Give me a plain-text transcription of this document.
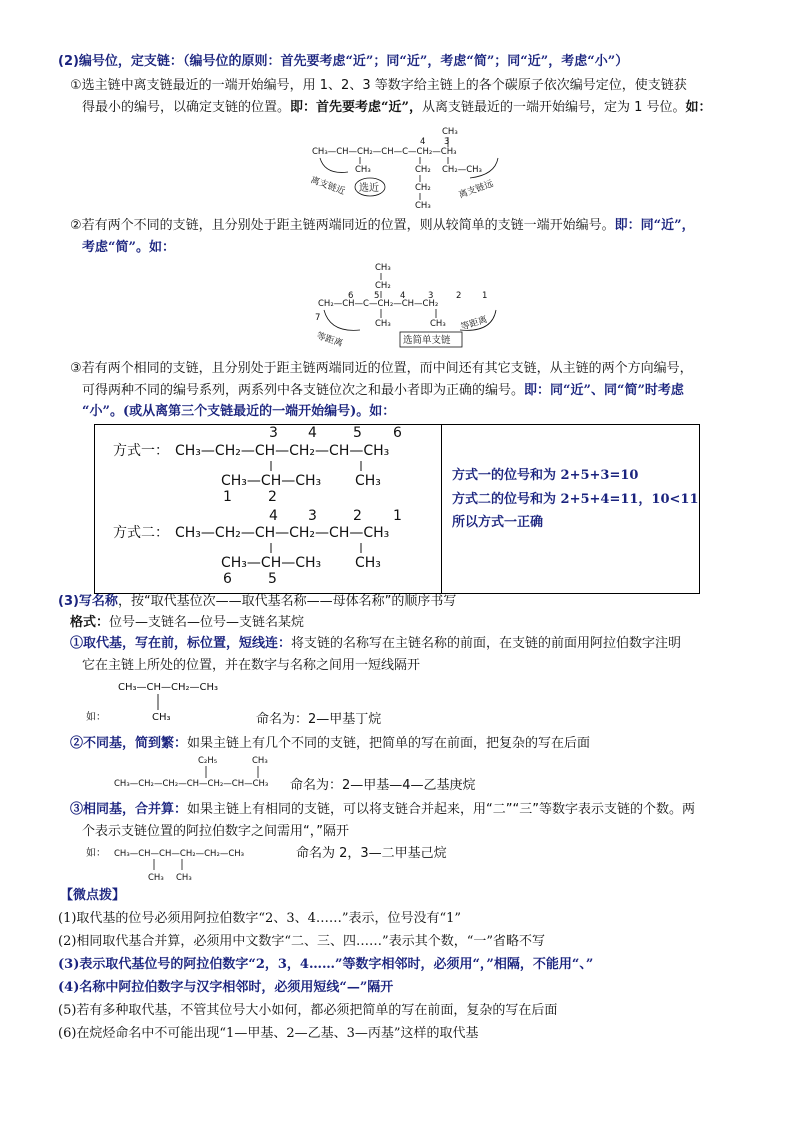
(2)编号位，定支链：（编号位的原则：首先要考虑“近”；同“近”，考虑“简”；同“近”，考虑“小”）
①选主链中离支链最近的一端开始编号，用 1、2、3 等数字给主链上的各个碳原子依次编号定位，使支链获
得最小的编号，以确定支链的位置。即：首先要考虑“近”，从离支链最近的一端开始编号，定为 1 号位。如：
CH₃—CH—CH₂—CH—C—CH₂—CH₃
CH₃
4 3
CH₃	CH₂ CH₂—CH₃
CH₂
CH₃
离支链近	离支链远
选近
②若有两个不同的支链，且分别处于距主链两端同近的位置，则从较简单的支链一端开始编号。即：同“近”，
考虑“简”。如：
CH₃
CH₂
CH₂—CH—C—CH₂—CH—CH₂
7
6 5 4	3	2 1
CH₃	CH₃
等距离
等距离
选简单支链
③若有两个相同的支链，且分别处于距主链两端同近的位置，而中间还有其它支链，从主链的两个方向编号，
可得两种不同的编号系列，两系列中各支链位次之和最小者即为正确的编号。即：同“近”、同“简”时考虑
“小”。(或从离第三个支链最近的一端开始编号)。如：
方式一： CH₃—CH₂—CH—CH₂—CH—CH₃
3 4	5 6
CH₃—CH—CH₃ CH₃
1	2
方式二： CH₃—CH₂—CH—CH₂—CH—CH₃
4 3	2 1
CH₃—CH—CH₃ CH₃
6	5
方式一的位号和为 2+5+3=10
方式二的位号和为 2+5+4=11，10<11
所以方式一正确
(3)写名称，按“取代基位次——取代基名称——母体名称”的顺序书写
格式：位号—支链名—位号—支链名某烷
①取代基，写在前，标位置，短线连：将支链的名称写在主链名称的前面，在支链的前面用阿拉伯数字注明
它在主链上所处的位置，并在数字与名称之间用一短线隔开
CH₃—CH—CH₂—CH₃
CH₃
如：	命名为：2—甲基丁烷
②不同基，简到繁：如果主链上有几个不同的支链，把简单的写在前面，把复杂的写在后面
C₂H₅	CH₃
CH₃—CH₂—CH₂—CH—CH₂—CH—CH₃ 命名为：2—甲基—4—乙基庚烷
③相同基，合并算：如果主链上有相同的支链，可以将支链合并起来，用“二”“三”等数字表示支链的个数。两
个表示支链位置的阿拉伯数字之间需用“，”隔开
如： CH₃—CH—CH—CH₂—CH₂—CH₃
CH₃ CH₃
命名为 2，3—二甲基己烷
【微点拨】
(1)取代基的位号必须用阿拉伯数字“2、3、4……”表示，位号没有“1”
(2)相同取代基合并算，必须用中文数字“二、三、四……”表示其个数，“一”省略不写
(3)表示取代基位号的阿拉伯数字“2，3，4……”等数字相邻时，必须用“，”相隔，不能用“、”
(4)名称中阿拉伯数字与汉字相邻时，必须用短线“—”隔开
(5)若有多种取代基，不管其位号大小如何，都必须把简单的写在前面，复杂的写在后面
(6)在烷烃命名中不可能出现“1—甲基、2—乙基、3—丙基”这样的取代基
